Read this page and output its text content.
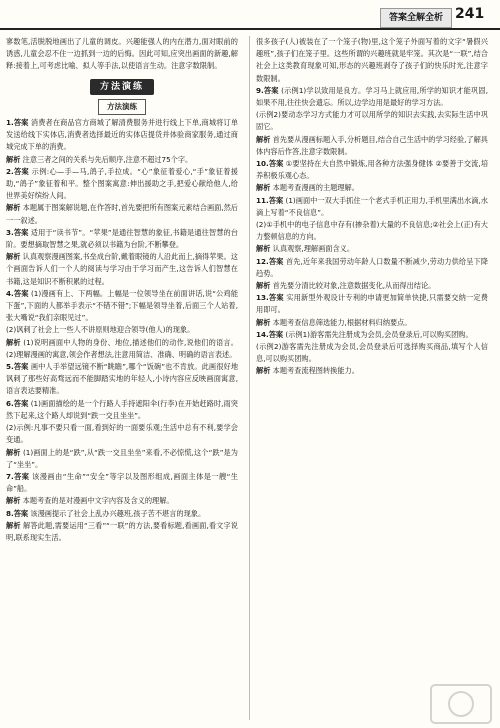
答案全解全析 241

寥数笔,活脱脱地画出了儿童的调皮。兴趣能强人的内在潜力,面对眼前的诱惑,儿童会忍不住一边抓到一边的后悔。因此可知,应突出画面的新趣,解释:接着上,可考虑比喻、拟人等手法,以使语言生动。注意字数限制。

方法演练
方法演练

1.答案 消费者在商品官方商城了解清费服务并进行线上下单,商城将订单发送给线下实体店,消费者选择最近的实体店提货并体验商家服务,通过商城完成下单的消费。

解析 注意三者之间的关系与先后顺序,注意不超过75个字。

2.答案 示例:心—手—马,鸽子,手拉成。“心”象征着爱心,“手”象征着援助,“鸽子”象征着和平。整个图案寓意:伸出援助之手,把爱心献给他人,给世界美好缤纷人间。

解析 本题属于图案解说题,在作答时,首先要把所有图案元素结合画面,然后一一叙述。

3.答案 适用于“读书节”。“苹果”是通往智慧的象征,书籍是通往智慧的台阶。要想摘取智慧之果,就必须以书籍为台阶,不断攀登。

解析 认真观察漫画图案,书垒成台阶,戴着眼镜的人沿此而上,摘得苹果。这个画面告诉人们一个人的阅读与学习由于学习而产生,这告诉人们智慧在书籍,这是知识不断积累的过程。

4.答案 (1)漫画有上、下两幅。上幅是一位领导坐在前面讲话,说“公鸡能下蛋”,下面的人都举手表示“不错不错”;下幅是领导坐着,后面三个人站着,张大嘴说“我们亲眼见过”。

(2)讽刺了社会上一些人不讲原则地迎合领导(他人)的现象。

解析 (1)说明画面中人物的身份、地位,描述他们的动作,说他们的语言。(2)理解漫画的寓意,领会作者想法,注意用简洁、准确、明确的语言表述。

5.答案 画中人手举望远镜不断“眺瞻”,哪个“饭碗”也不肯放。此画很好地讽刺了那些好高骛远而不能脚踏实地的年轻人,小诗内容应反映画面寓意,语言表达要精准。

6.答案 (1)画面描绘的是一个行路人手持遮阳伞(行李)在开始赶路时,雨突然下起来,这个路人却说到“跌一交且坐坐”。

(2)示例:凡事不要只看一面,看到好的一面要乐观;生活中总有不利,要学会变通。

解析 (1)画面上的是“跌”,从“跌一交且坐坐”来看,不必惊慌,这个“跌”是为了“坐坐”。

7.答案 该漫画由“生命”“安全”等字以及图形组成,画面主体是一艘“生命”船。

解析 本题考查的是对漫画中文字内容及含义的理解。

8.答案 该漫画提示了社会上乱办兴趣班,孩子苦不堪言的现象。

解析 解答此题,需要运用“三看”“一联”的方法,要看标题,看画面,看文字说明,联系现实生活。

很多孩子(人)被装在了一个笼子(物)里,这个笼子外面写着的文字“暑假兴趣班”,孩子们在笼子里。这些所谓的兴趣班就是牢笼。其次是“一联”,结合社会上这类教育现象可知,形态的兴趣班剥夺了孩子们的快乐时光,注意字数限制。

9.答案 (示例1)学以致用是良方。学习马上就应用,所学的知识才能巩固,如果不用,往往快会遗忘。所以,边学边用是最好的学习方法。

(示例2)要动态学习方式能力才可以用所学的知识去实践,去实际生活中巩固它。

解析 首先要从漫画标题入手,分析题目,结合自己生活中的学习经验,了解具体内容后作答,注意字数限制。

10.答案 ①要坚持在大自然中锻炼,用各种方法强身健体 ②要善于交流,培养积极乐观心态。

解析 本题考查漫画的主题理解。

11.答案 (1)画面中一双大手抓住一个老式手机正用力,手机里满出水滴,水滴上写着“不良信息”。

(2)①手机中的电子信息中存有(掺杂着)大量的不良信息;②社会上(正)有大力整顿信息的方向。

解析 认真观察,理解画面含义。

12.答案 首先,近年来我国劳动年龄人口数量不断减少,劳动力供给呈下降趋势。

解析 首先要分清比较对象,注意数据变化,从而得出结论。

13.答案 实用新型外观设计专利的申请更加简单快捷,只需要交纳一定费用即可。

解析 本题考查信息筛选能力,根据材料归纳要点。

14.答案 (示例1)游客需先注册成为会员,会员登录后,可以购买团购。

(示例2)游客需先注册成为会员,会员登录后可选择购买商品,填写个人信息,可以购买团购。

解析 本题考查流程图转换能力。
